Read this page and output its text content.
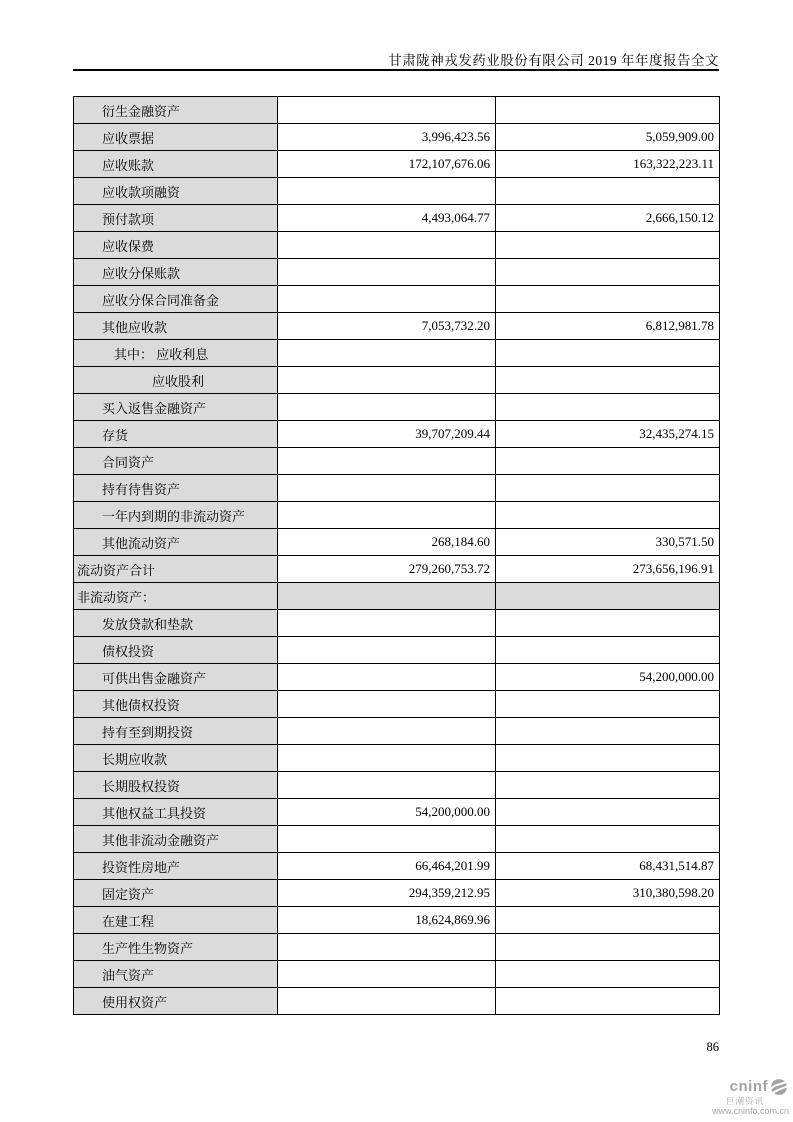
甘肃陇神戎发药业股份有限公司 2019 年年度报告全文
衍生金融资产		
应收票据	3,996,423.56	5,059,909.00
应收账款	172,107,676.06	163,322,223.11
应收款项融资		
预付款项	4,493,064.77	2,666,150.12
应收保费		
应收分保账款		
应收分保合同准备金		
其他应收款	7,053,732.20	6,812,981.78
其中： 应收利息		
应收股利		
买入返售金融资产		
存货	39,707,209.44	32,435,274.15
合同资产		
持有待售资产		
一年内到期的非流动资产		
其他流动资产	268,184.60	330,571.50
流动资产合计	279,260,753.72	273,656,196.91
非流动资产：		
发放贷款和垫款		
债权投资		
可供出售金融资产		54,200,000.00
其他债权投资		
持有至到期投资		
长期应收款		
长期股权投资		
其他权益工具投资	54,200,000.00	
其他非流动金融资产		
投资性房地产	66,464,201.99	68,431,514.87
固定资产	294,359,212.95	310,380,598.20
在建工程	18,624,869.96	
生产性生物资产		
油气资产		
使用权资产		
86
cninf
巨潮资讯
www.cninfo.com.cn
